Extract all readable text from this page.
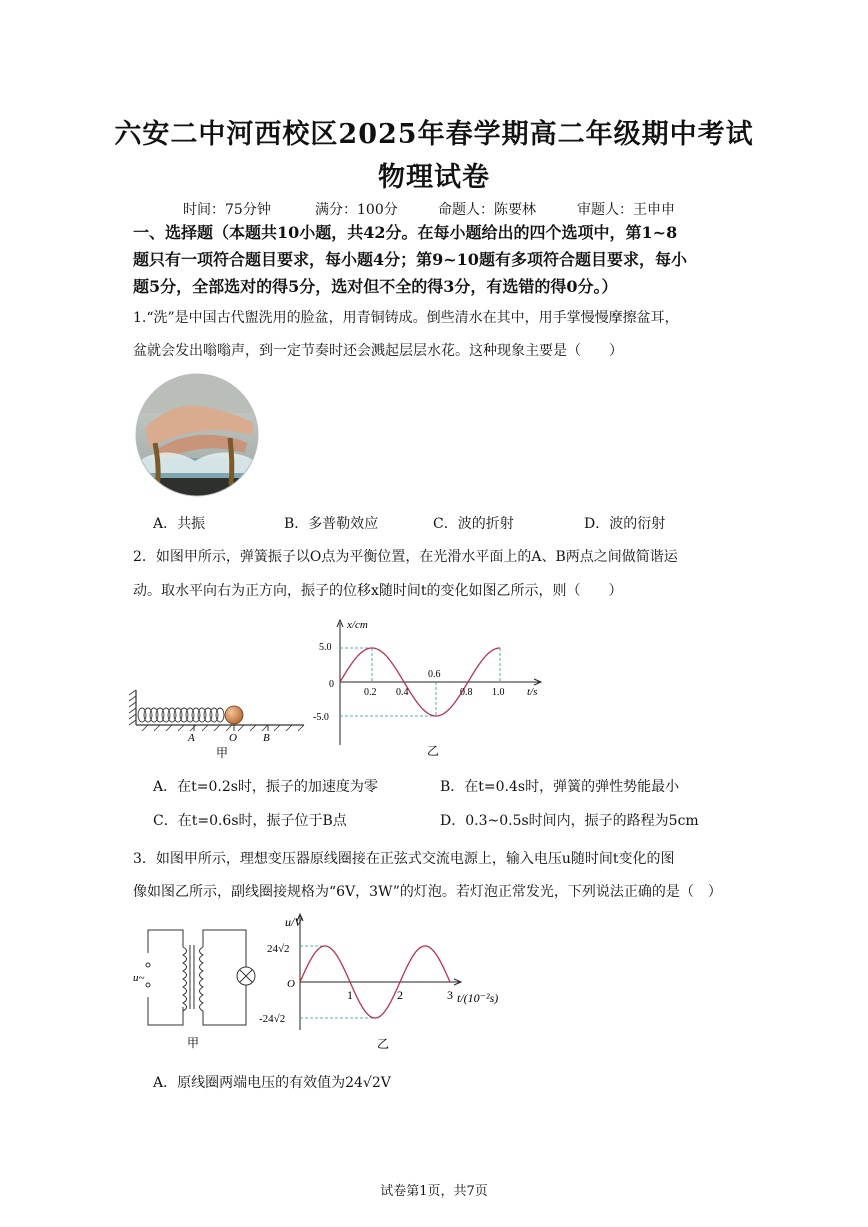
六安二中河西校区2025年春学期高二年级期中考试
物理试卷
时间：75分钟	满分：100分	命题人：陈要林	审题人：王申申
一、选择题（本题共10小题，共42分。在每小题给出的四个选项中，第1~8
题只有一项符合题目要求，每小题4分；第9~10题有多项符合题目要求，每小
题5分，全部选对的得5分，选对但不全的得3分，有选错的得0分。）
1.“洗”是中国古代盥洗用的脸盆，用青铜铸成。倒些清水在其中，用手掌慢慢摩擦盆耳，
盆就会发出嗡嗡声，到一定节奏时还会溅起层层水花。这种现象主要是（　　）
A．共振	B．多普勒效应	C．波的折射	D．波的衍射
2．如图甲所示，弹簧振子以O点为平衡位置，在光滑水平面上的A、B两点之间做简谐运
动。取水平向右为正方向，振子的位移x随时间t的变化如图乙所示，则（　　）
A	O B
甲
x/cm
t/s
0
5.0
-5.0
0.2 0.4
0.6
0.8 1.0
乙
A．在t=0.2s时，振子的加速度为零	B．在t=0.4s时，弹簧的弹性势能最小
C．在t=0.6s时，振子位于B点	D．0.3~0.5s时间内，振子的路程为5cm
3．如图甲所示，理想变压器原线圈接在正弦式交流电源上，输入电压u随时间t变化的图
像如图乙所示，副线圈接规格为“6V，3W”的灯泡。若灯泡正常发光，下列说法正确的是（　）
u~
甲
u/V
t/(10⁻²s)
O
24√2
-24√2
1	2	3
乙
A．原线圈两端电压的有效值为24√2V
试卷第1页，共7页
